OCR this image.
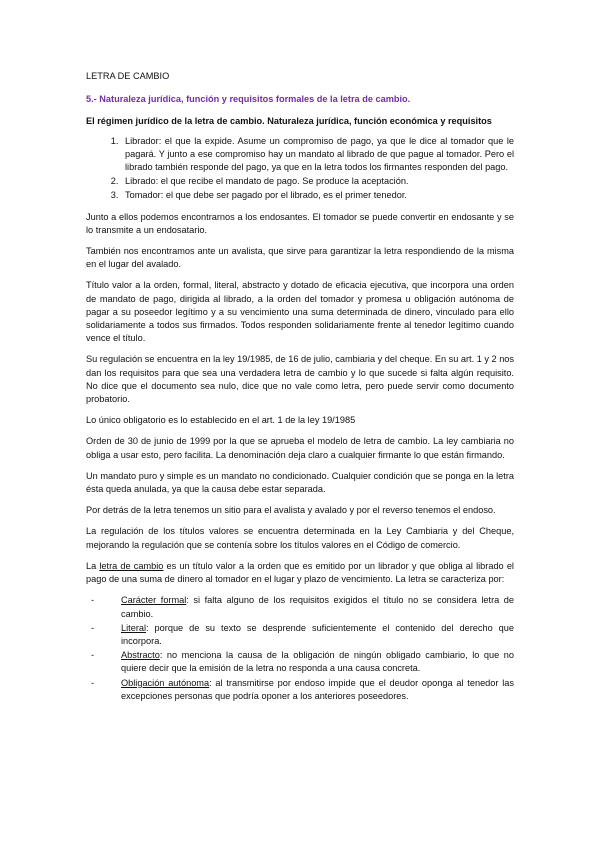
LETRA DE CAMBIO
5.- Naturaleza jurídica, función y requisitos formales de la letra de cambio.
El régimen jurídico de la letra de cambio. Naturaleza jurídica, función económica y requisitos
1. Librador: el que la expide. Asume un compromiso de pago, ya que le dice al tomador que le pagará. Y junto a ese compromiso hay un mandato al librado de que pague al tomador. Pero el librado también responde del pago, ya que en la letra todos los firmantes responden del pago.
2. Librado: el que recibe el mandato de pago. Se produce la aceptación.
3. Tomador: el que debe ser pagado por el librado, es el primer tenedor.

Junto a ellos podemos encontrarnos a los endosantes. El tomador se puede convertir en endosante y se lo transmite a un endosatario.

También nos encontramos ante un avalista, que sirve para garantizar la letra respondiendo de la misma en el lugar del avalado.

Título valor a la orden, formal, literal, abstracto y dotado de eficacia ejecutiva, que incorpora una orden de mandato de pago, dirigida al librado, a la orden del tomador y promesa u obligación autónoma de pagar a su poseedor legítimo y a su vencimiento una suma determinada de dinero, vinculado para ello solidariamente a todos sus firmados. Todos responden solidariamente frente al tenedor legítimo cuando vence el título.

Su regulación se encuentra en la ley 19/1985, de 16 de julio, cambiaria y del cheque. En su art. 1 y 2 nos dan los requisitos para que sea una verdadera letra de cambio y lo que sucede si falta algún requisito. No dice que el documento sea nulo, dice que no vale como letra, pero puede servir como documento probatorio.

Lo único obligatorio es lo establecido en el art. 1 de la ley 19/1985

Orden de 30 de junio de 1999 por la que se aprueba el modelo de letra de cambio. La ley cambiaria no obliga a usar esto, pero facilita. La denominación deja claro a cualquier firmante lo que están firmando.

Un mandato puro y simple es un mandato no condicionado. Cualquier condición que se ponga en la letra ésta queda anulada, ya que la causa debe estar separada.

Por detrás de la letra tenemos un sitio para el avalista y avalado y por el reverso tenemos el endoso.

La regulación de los títulos valores se encuentra determinada en la Ley Cambiaria y del Cheque, mejorando la regulación que se contenía sobre los títulos valores en el Código de comercio.

La letra de cambio es un título valor a la orden que es emitido por un librador y que obliga al librado el pago de una suma de dinero al tomador en el lugar y plazo de vencimiento. La letra se caracteriza por:

-	Carácter formal: si falta alguno de los requisitos exigidos el título no se considera letra de cambio.
-	Literal: porque de su texto se desprende suficientemente el contenido del derecho que incorpora.
-	Abstracto: no menciona la causa de la obligación de ningún obligado cambiario, lo que no quiere decir que la emisión de la letra no responda a una causa concreta.
-	Obligación autónoma: al transmitirse por endoso impide que el deudor oponga al tenedor las excepciones personas que podría oponer a los anteriores poseedores.
